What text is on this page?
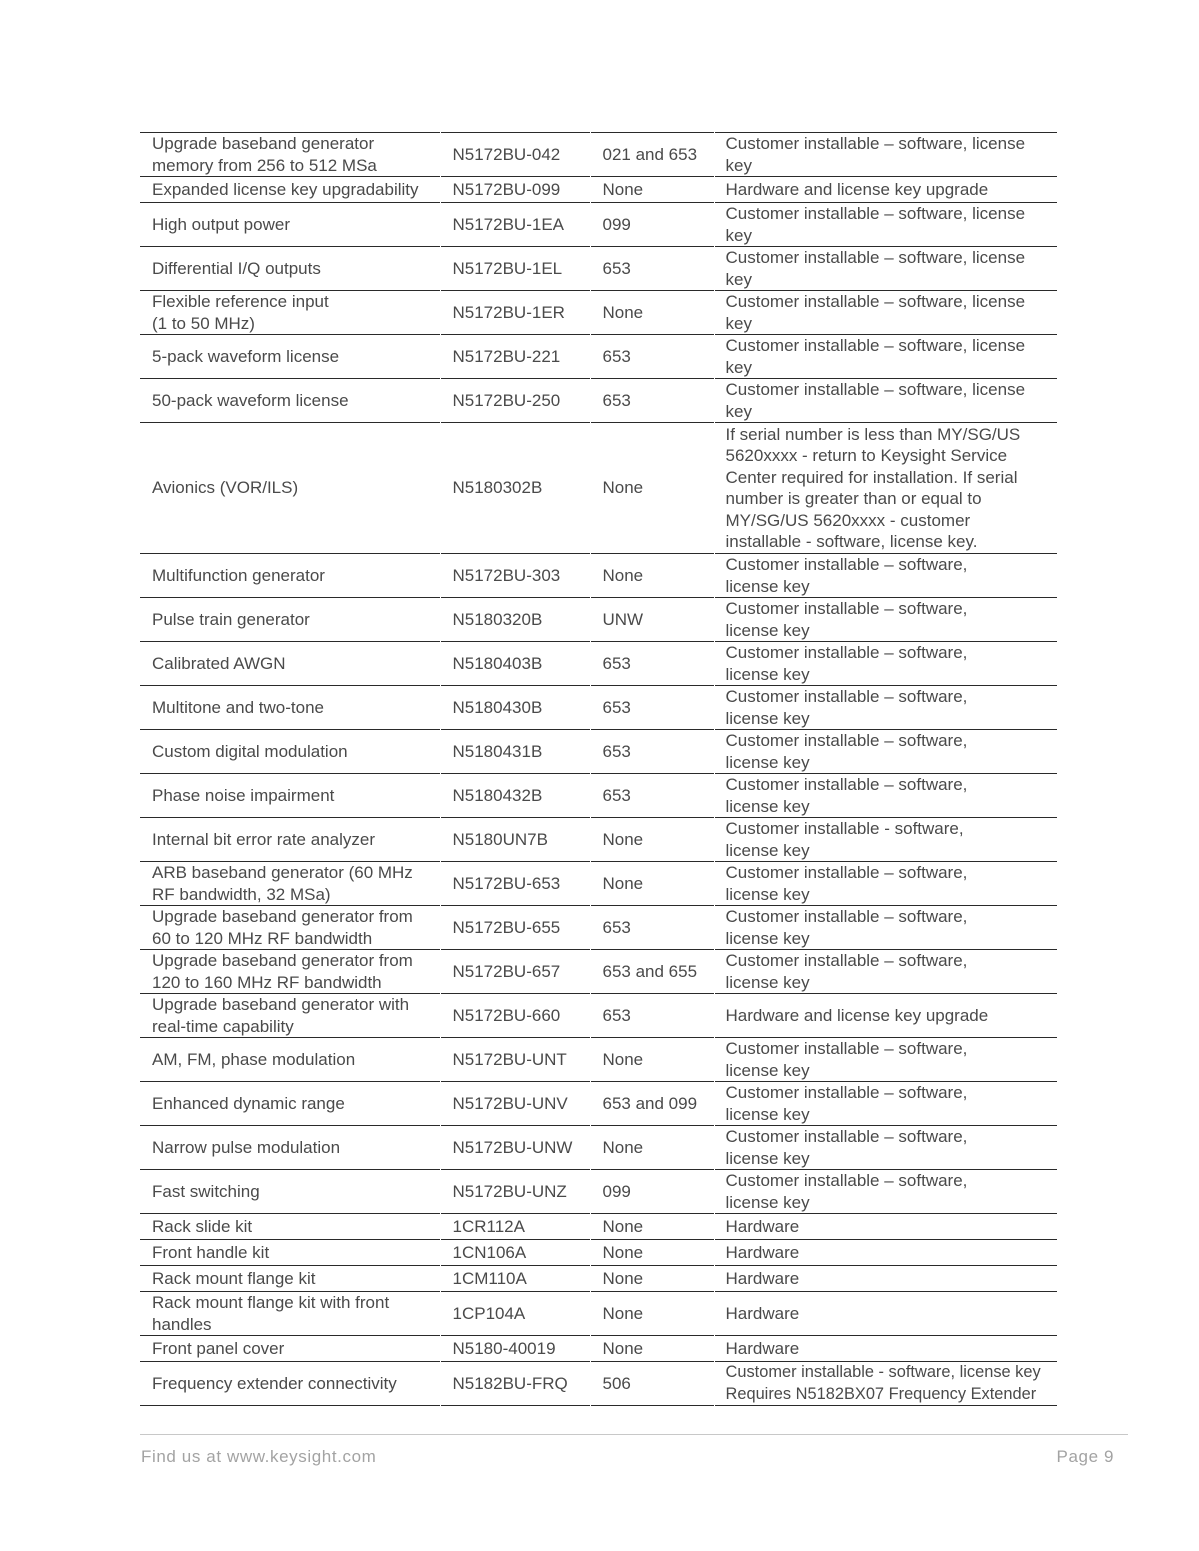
Upgrade baseband generator memory from 256 to 512 MSa	N5172BU-042	021 and 653	Customer installable – software, license key
Expanded license key upgradability	N5172BU-099	None	Hardware and license key upgrade
High output power	N5172BU-1EA	099	Customer installable – software, license key
Differential I/Q outputs	N5172BU-1EL	653	Customer installable – software, license key
Flexible reference input (1 to 50 MHz)	N5172BU-1ER	None	Customer installable – software, license key
5-pack waveform license	N5172BU-221	653	Customer installable – software, license key
50-pack waveform license	N5172BU-250	653	Customer installable – software, license key
Avionics (VOR/ILS)	N5180302B	None	If serial number is less than MY/SG/US 5620xxxx - return to Keysight Service Center required for installation. If serial number is greater than or equal to MY/SG/US 5620xxxx - customer installable - software, license key.
Multifunction generator	N5172BU-303	None	Customer installable – software, license key
Pulse train generator	N5180320B	UNW	Customer installable – software, license key
Calibrated AWGN	N5180403B	653	Customer installable – software, license key
Multitone and two-tone	N5180430B	653	Customer installable – software, license key
Custom digital modulation	N5180431B	653	Customer installable – software, license key
Phase noise impairment	N5180432B	653	Customer installable – software, license key
Internal bit error rate analyzer	N5180UN7B	None	Customer installable - software, license key
ARB baseband generator (60 MHz RF bandwidth, 32 MSa)	N5172BU-653	None	Customer installable – software, license key
Upgrade baseband generator from 60 to 120 MHz RF bandwidth	N5172BU-655	653	Customer installable – software, license key
Upgrade baseband generator from 120 to 160 MHz RF bandwidth	N5172BU-657	653 and 655	Customer installable – software, license key
Upgrade baseband generator with real-time capability	N5172BU-660	653	Hardware and license key upgrade
AM, FM, phase modulation	N5172BU-UNT	None	Customer installable – software, license key
Enhanced dynamic range	N5172BU-UNV	653 and 099	Customer installable – software, license key
Narrow pulse modulation	N5172BU-UNW	None	Customer installable – software, license key
Fast switching	N5172BU-UNZ	099	Customer installable – software, license key
Rack slide kit	1CR112A	None	Hardware
Front handle kit	1CN106A	None	Hardware
Rack mount flange kit	1CM110A	None	Hardware
Rack mount flange kit with front handles	1CP104A	None	Hardware
Front panel cover	N5180-40019	None	Hardware
Frequency extender connectivity	N5182BU-FRQ	506	Customer installable - software, license key Requires N5182BX07 Frequency Extender
Find us at www.keysight.com	Page 9
